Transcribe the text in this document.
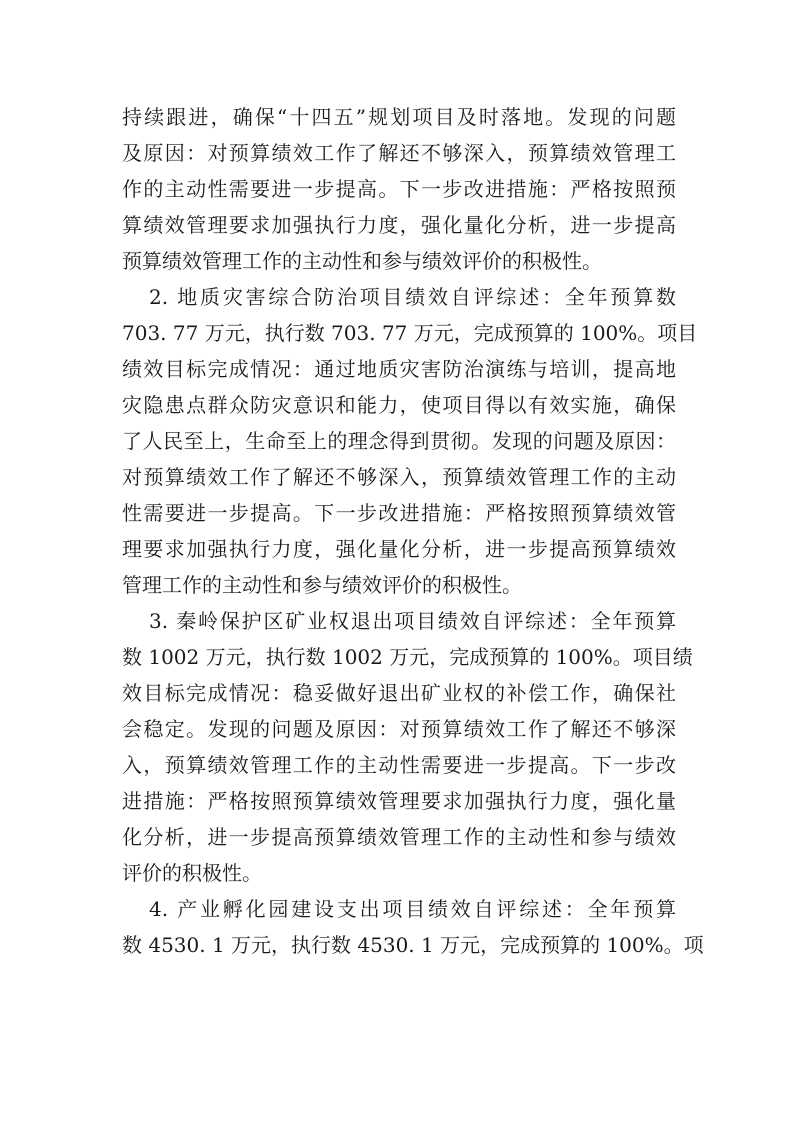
持续跟进，确保“十四五”规划项目及时落地。发现的问题
及原因：对预算绩效工作了解还不够深入，预算绩效管理工
作的主动性需要进一步提高。下一步改进措施：严格按照预
算绩效管理要求加强执行力度，强化量化分析，进一步提高
预算绩效管理工作的主动性和参与绩效评价的积极性。
2. 地质灾害综合防治项目绩效自评综述：全年预算数
703. 77 万元，执行数 703. 77 万元，完成预算的 100%。项目
绩效目标完成情况：通过地质灾害防治演练与培训，提高地
灾隐患点群众防灾意识和能力，使项目得以有效实施，确保
了人民至上，生命至上的理念得到贯彻。发现的问题及原因：
对预算绩效工作了解还不够深入，预算绩效管理工作的主动
性需要进一步提高。下一步改进措施：严格按照预算绩效管
理要求加强执行力度，强化量化分析，进一步提高预算绩效
管理工作的主动性和参与绩效评价的积极性。
3. 秦岭保护区矿业权退出项目绩效自评综述：全年预算
数 1002 万元，执行数 1002 万元，完成预算的 100%。项目绩
效目标完成情况：稳妥做好退出矿业权的补偿工作，确保社
会稳定。发现的问题及原因：对预算绩效工作了解还不够深
入，预算绩效管理工作的主动性需要进一步提高。下一步改
进措施：严格按照预算绩效管理要求加强执行力度，强化量
化分析，进一步提高预算绩效管理工作的主动性和参与绩效
评价的积极性。
4. 产业孵化园建设支出项目绩效自评综述：全年预算
数 4530. 1 万元，执行数 4530. 1 万元，完成预算的 100%。项
